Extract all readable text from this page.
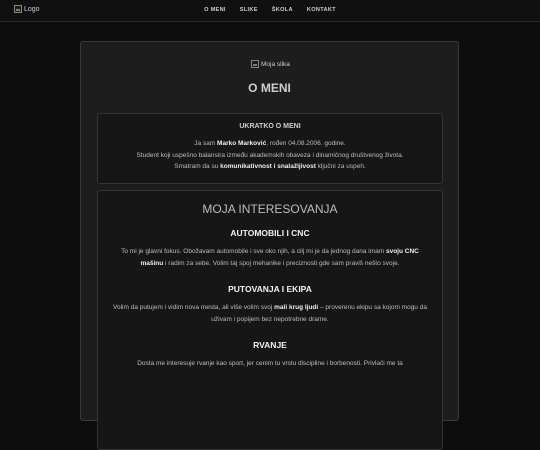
Logo	O MENI	SLIKE	ŠKOLA	KONTAKT
Moja slika
O MENI
UKRATKO O MENI

Ja sam Marko Marković, rođen 04.08.2006. godine.
Student koji uspešno balansira između akademskih obaveza i dinamičnog društvenog života.
Smatram da su komunikativnost i snalažljivost ključni za uspeh.

MOJA INTERESOVANJA
AUTOMOBILI I CNC

To mi je glavni fokus. Obožavam automobile i sve oko njih, a cilj mi je da jednog dana imam svoju CNC mašinu i radim za sebe. Volim taj spoj mehanike i preciznosti gde sam praviš nešto svoje.

PUTOVANJA I EKIPA

Volim da putujem i vidim nova mesta, ali više volim svoj mali krug ljudi – proverenu ekipu sa kojom mogu da uživam i popijem bez nepotrebne drame.

RVANJE

Dosta me interesuje rvanje kao sport, jer cenim tu vrstu discipline i borbenosti. Privlači me ta
